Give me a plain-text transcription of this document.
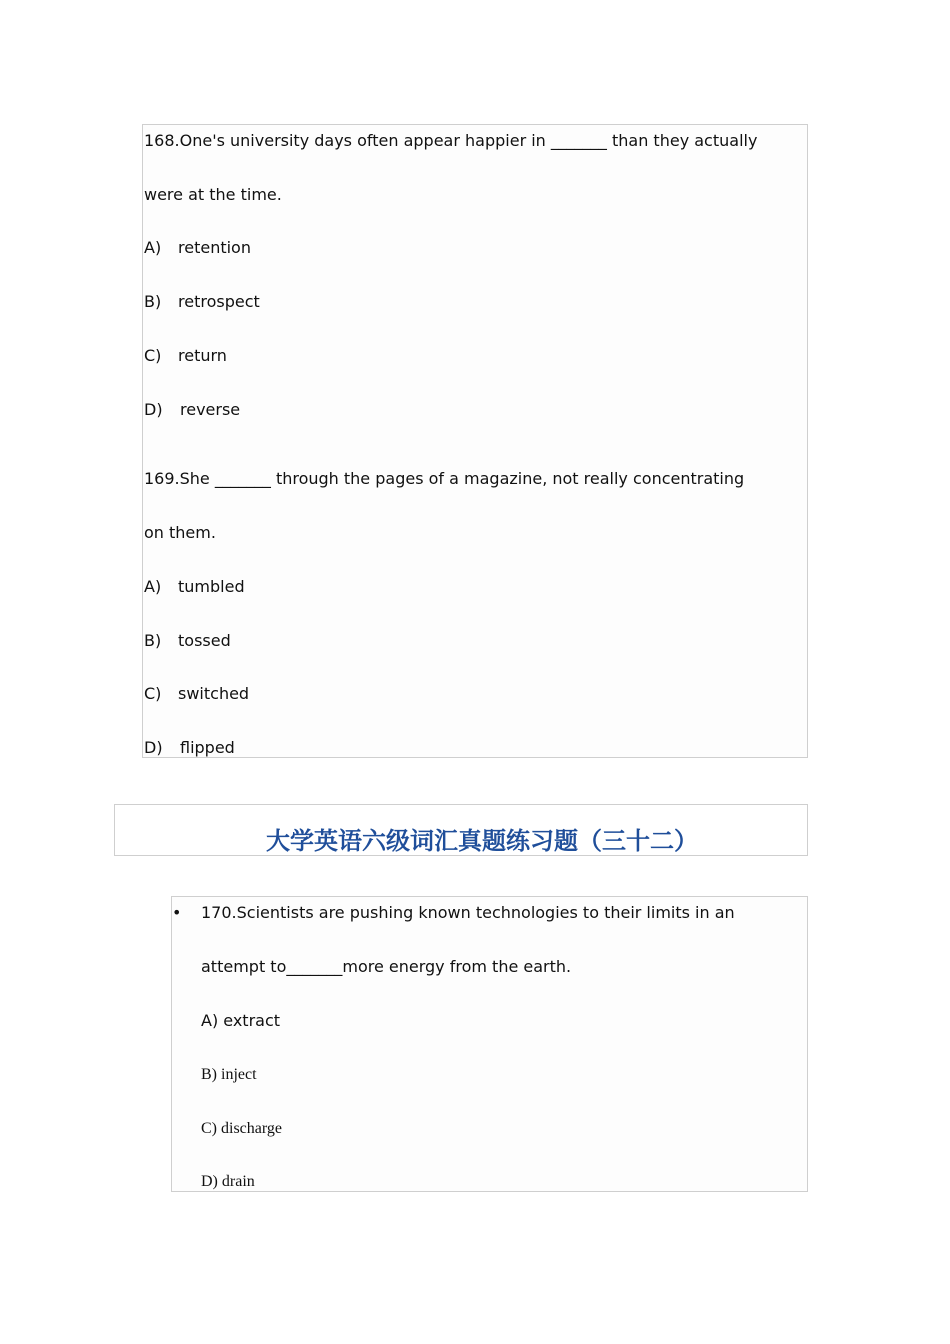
168.One's university days often appear happier in _______ than they actually
were at the time.
A) retention
B) retrospect
C) return
D) reverse
169.She _______ through the pages of a magazine, not really concentrating
on them.
A) tumbled
B) tossed
C) switched
D) flipped
大学英语六级词汇真题练习题（三十二）
• 170.Scientists are pushing known technologies to their limits in an
attempt to_______more energy from the earth.
A) extract
B) inject
C) discharge
D) drain
